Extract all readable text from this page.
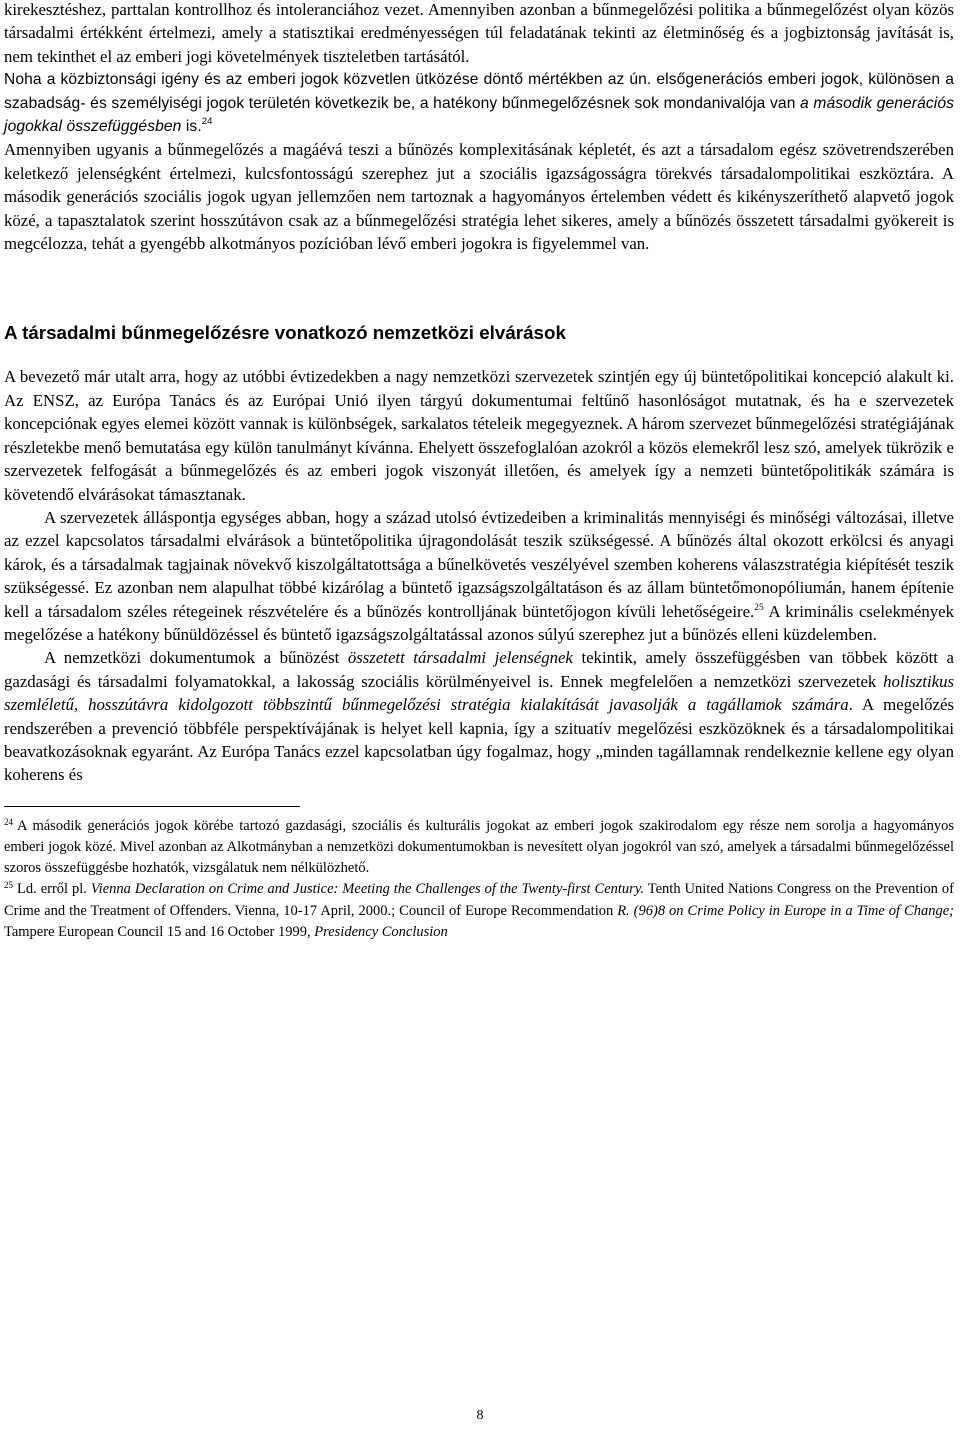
kirekesztéshez, parttalan kontrollhoz és intoleranciához vezet. Amennyiben azonban a bűnmegelőzési politika a bűnmegelőzést olyan közös társadalmi értékként értelmezi, amely a statisztikai eredményességen túl feladatának tekinti az életminőség és a jogbiztonság javítását is, nem tekinthet el az emberi jogi követelmények tiszteletben tartásától.

Noha a közbiztonsági igény és az emberi jogok közvetlen ütközése döntő mértékben az ún. elsőgenerációs emberi jogok, különösen a szabadság- és személyiségi jogok területén következik be, a hatékony bűnmegelőzésnek sok mondanivalója van a második generációs jogokkal összefüggésben is.$^{24}$

Amennyiben ugyanis a bűnmegelőzés a magáévá teszi a bűnözés komplexitásának képletét, és azt a társadalom egész szövetrendszerében keletkező jelenségként értelmezi, kulcsfontosságú szerephez jut a szociális igazságosságra törekvés társadalompolitikai eszköztára. A második generációs szociális jogok ugyan jellemzően nem tartoznak a hagyományos értelemben védett és kikényszeríthető alapvető jogok közé, a tapasztalatok szerint hosszútávon csak az a bűnmegelőzési stratégia lehet sikeres, amely a bűnözés összetett társadalmi gyökereit is megcélozza, tehát a gyengébb alkotmányos pozícióban lévő emberi jogokra is figyelemmel van.

A társadalmi bűnmegelőzésre vonatkozó nemzetközi elvárások

A bevezető már utalt arra, hogy az utóbbi évtizedekben a nagy nemzetközi szervezetek szintjén egy új büntetőpolitikai koncepció alakult ki. Az ENSZ, az Európa Tanács és az Európai Unió ilyen tárgyú dokumentumai feltűnő hasonlóságot mutatnak, és ha e szervezetek koncepciónak egyes elemei között vannak is különbségek, sarkalatos tételeik megegyeznek. A három szervezet bűnmegelőzési stratégiájának részletekbe menő bemutatása egy külön tanulmányt kívánna. Ehelyett összefoglalóan azokról a közös elemekről lesz szó, amelyek tükrözik e szervezetek felfogását a bűnmegelőzés és az emberi jogok viszonyát illetően, és amelyek így a nemzeti büntetőpolitikák számára is követendő elvárásokat támasztanak.

A szervezetek álláspontja egységes abban, hogy a század utolsó évtizedeiben a kriminalitás mennyiségi és minőségi változásai, illetve az ezzel kapcsolatos társadalmi elvárások a büntetőpolitika újragondolását teszik szükségessé. A bűnözés által okozott erkölcsi és anyagi károk, és a társadalmak tagjainak növekvő kiszolgáltatottsága a bűnelkövetés veszélyével szemben koherens válaszstratégia kiépítését teszik szükségessé. Ez azonban nem alapulhat többé kizárólag a büntető igazságszolgáltatáson és az állam büntetőmonopóliumán, hanem építenie kell a társadalom széles rétegeinek részvételére és a bűnözés kontrolljának büntetőjogon kívüli lehetőségeire.$^{25}$ A kriminális cselekmények megelőzése a hatékony bűnüldözéssel és büntető igazságszolgáltatással azonos súlyú szerephez jut a bűnözés elleni küzdelemben.

A nemzetközi dokumentumok a bűnözést összetett társadalmi jelenségnek tekintik, amely összefüggésben van többek között a gazdasági és társadalmi folyamatokkal, a lakosság szociális körülményeivel is. Ennek megfelelően a nemzetközi szervezetek holisztikus szemléletű, hosszútávra kidolgozott többszintű bűnmegelőzési stratégia kialakítását javasolják a tagállamok számára. A megelőzés rendszerében a prevenció többféle perspektívájának is helyet kell kapnia, így a szituatív megelőzési eszközöknek és a társadalompolitikai beavatkozásoknak egyaránt. Az Európa Tanács ezzel kapcsolatban úgy fogalmaz, hogy „minden tagállamnak rendelkeznie kellene egy olyan koherens és

$^{24}$ A második generációs jogok körébe tartozó gazdasági, szociális és kulturális jogokat az emberi jogok szakirodalom egy része nem sorolja a hagyományos emberi jogok közé. Mivel azonban az Alkotmányban a nemzetközi dokumentumokban is nevesített olyan jogokról van szó, amelyek a társadalmi bűnmegelőzéssel szoros összefüggésbe hozhatók, vizsgálatuk nem nélkülözhető.

$^{25}$ Ld. erről pl. Vienna Declaration on Crime and Justice: Meeting the Challenges of the Twenty-first Century. Tenth United Nations Congress on the Prevention of Crime and the Treatment of Offenders. Vienna, 10-17 April, 2000.; Council of Europe Recommendation R. (96)8 on Crime Policy in Europe in a Time of Change; Tampere European Council 15 and 16 October 1999, Presidency Conclusion

8
